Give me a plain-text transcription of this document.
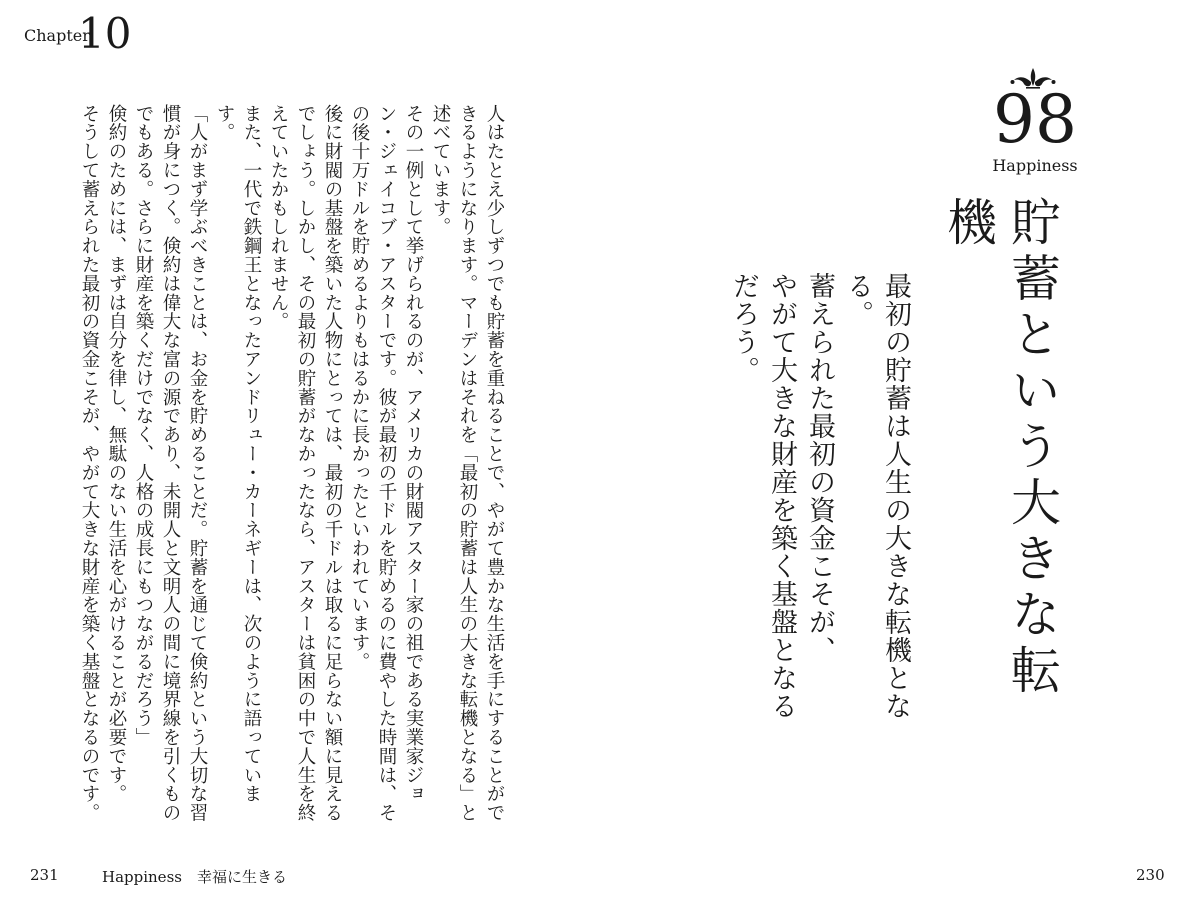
Chapter
10
98
Happiness
貯蓄という大きな転機
最初の貯蓄は人生の大きな転機となる。
蓄えられた最初の資金こそが、
やがて大きな財産を築く基盤となるだろう。

人はたとえ少しずつでも貯蓄を重ねることで、やがて豊かな生活を手にすることができるようになります。マーデンはそれを「最初の貯蓄は人生の大きな転機となる」と述べています。

その一例として挙げられるのが、アメリカの財閥アスター家の祖である実業家ジョン・ジェイコブ・アスターです。彼が最初の千ドルを貯めるのに費やした時間は、その後十万ドルを貯めるよりもはるかに長かったといわれています。

後に財閥の基盤を築いた人物にとっては、最初の千ドルは取るに足らない額に見えるでしょう。しかし、その最初の貯蓄がなかったなら、アスターは貧困の中で人生を終えていたかもしれません。

また、一代で鉄鋼王となったアンドリュー・カーネギーは、次のように語っています。

「人がまず学ぶべきことは、お金を貯めることだ。貯蓄を通じて倹約という大切な習慣が身につく。倹約は偉大な富の源であり、未開人と文明人の間に境界線を引くものでもある。さらに財産を築くだけでなく、人格の成長にもつながるだろう」

倹約のためには、まずは自分を律し、無駄のない生活を心がけることが必要です。

そうして蓄えられた最初の資金こそが、やがて大きな財産を築く基盤となるのです。

231	Happiness　幸福に生きる	230
